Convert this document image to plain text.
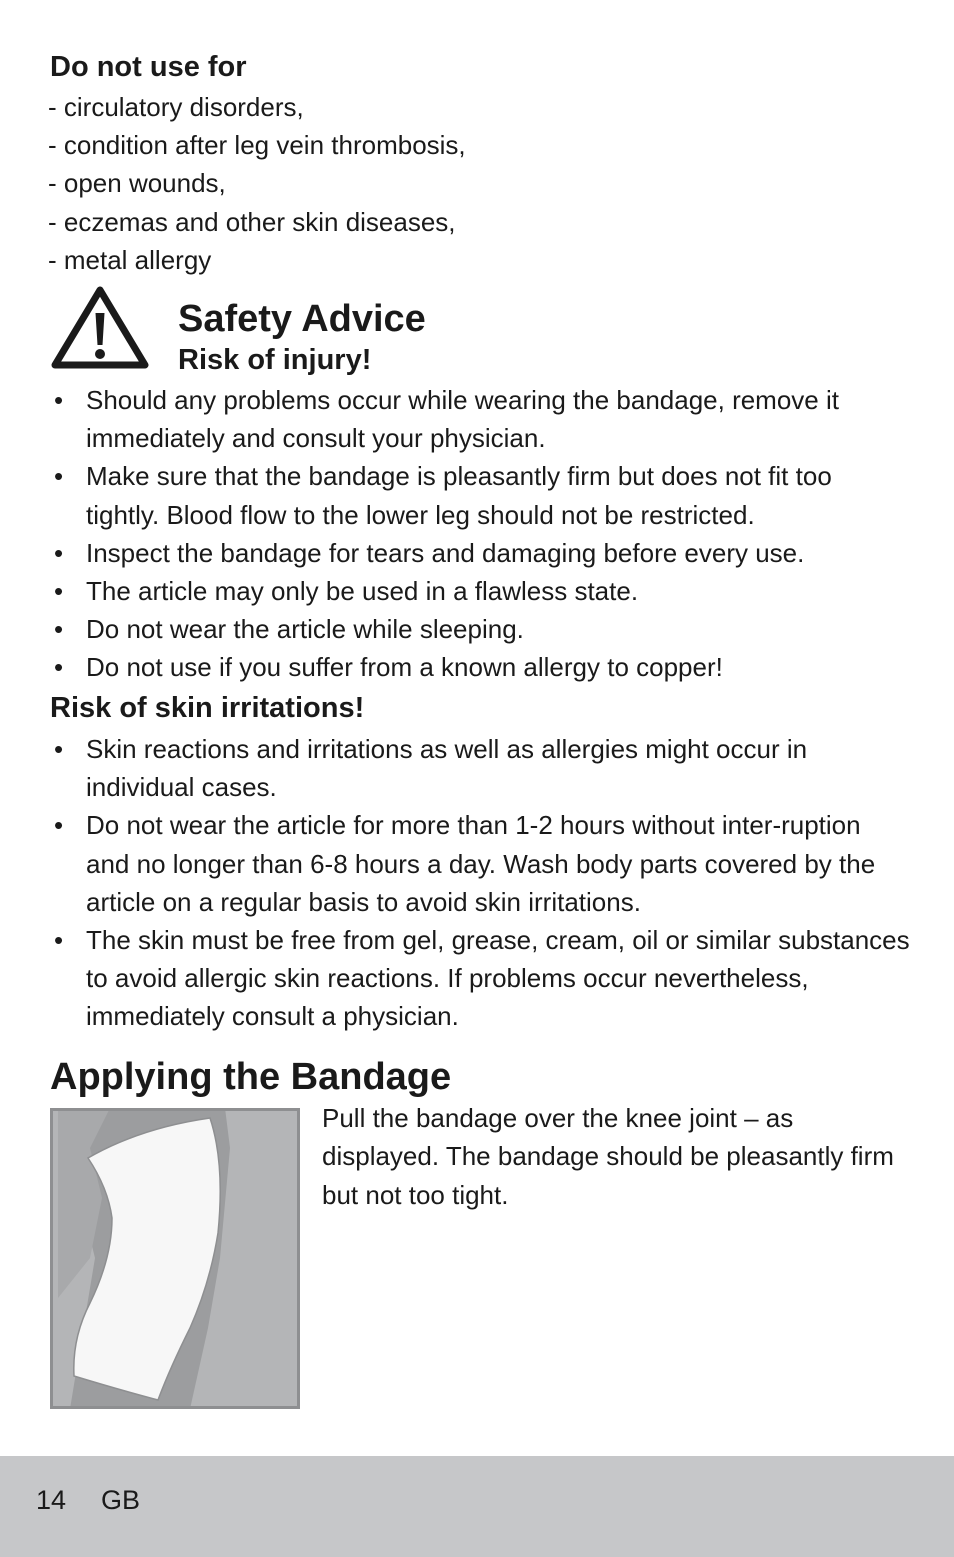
Do not use for
- circulatory disorders,
- condition after leg vein thrombosis,
- open wounds,
- eczemas and other skin diseases,
- metal allergy
Safety Advice
Risk of injury!
• Should any problems occur while wearing the bandage, remove it immediately and consult your physician.
• Make sure that the bandage is pleasantly firm but does not fit too tightly. Blood flow to the lower leg should not be restricted.
• Inspect the bandage for tears and damaging before every use.
• The article may only be used in a flawless state.
• Do not wear the article while sleeping.
• Do not use if you suffer from a known allergy to copper!
Risk of skin irritations!
• Skin reactions and irritations as well as allergies might occur in individual cases.
• Do not wear the article for more than 1-2 hours without inter-ruption and no longer than 6-8 hours a day. Wash body parts covered by the article on a regular basis to avoid skin irritations.
• The skin must be free from gel, grease, cream, oil or similar substances to avoid allergic skin reactions. If problems occur nevertheless, immediately consult a physician.
Applying the Bandage

Pull the bandage over the knee joint – as displayed. The bandage should be pleasantly firm but not too tight.

14 GB
